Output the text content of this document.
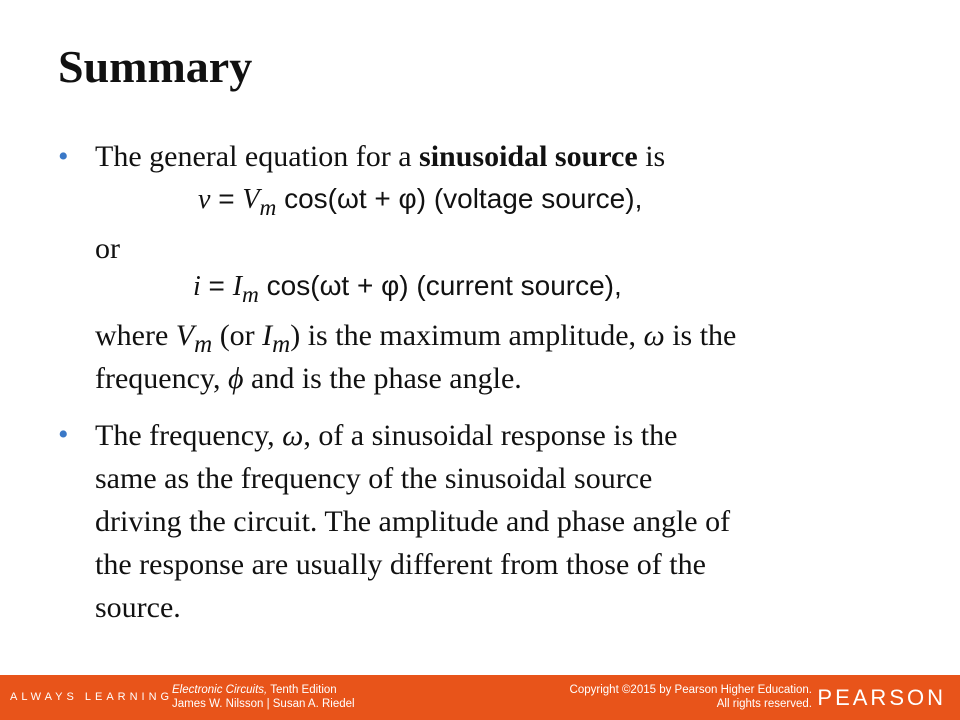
Summary
• The general equation for a sinusoidal source is
$v = V_m$ cos(ωt + φ) (voltage source),
or
$i = I_m$ cos(ωt + φ) (current source),
where $V_m$ (or $I_m$) is the maximum amplitude, ω is the
frequency, ϕ and is the phase angle.
• The frequency, ω, of a sinusoidal response is the
same as the frequency of the sinusoidal source
driving the circuit. The amplitude and phase angle of
the response are usually different from those of the
source.
ALWAYS LEARNING
Electronic Circuits, Tenth Edition
James W. Nilsson | Susan A. Riedel
Copyright ©2015 by Pearson Higher Education.
All rights reserved. PEARSON
